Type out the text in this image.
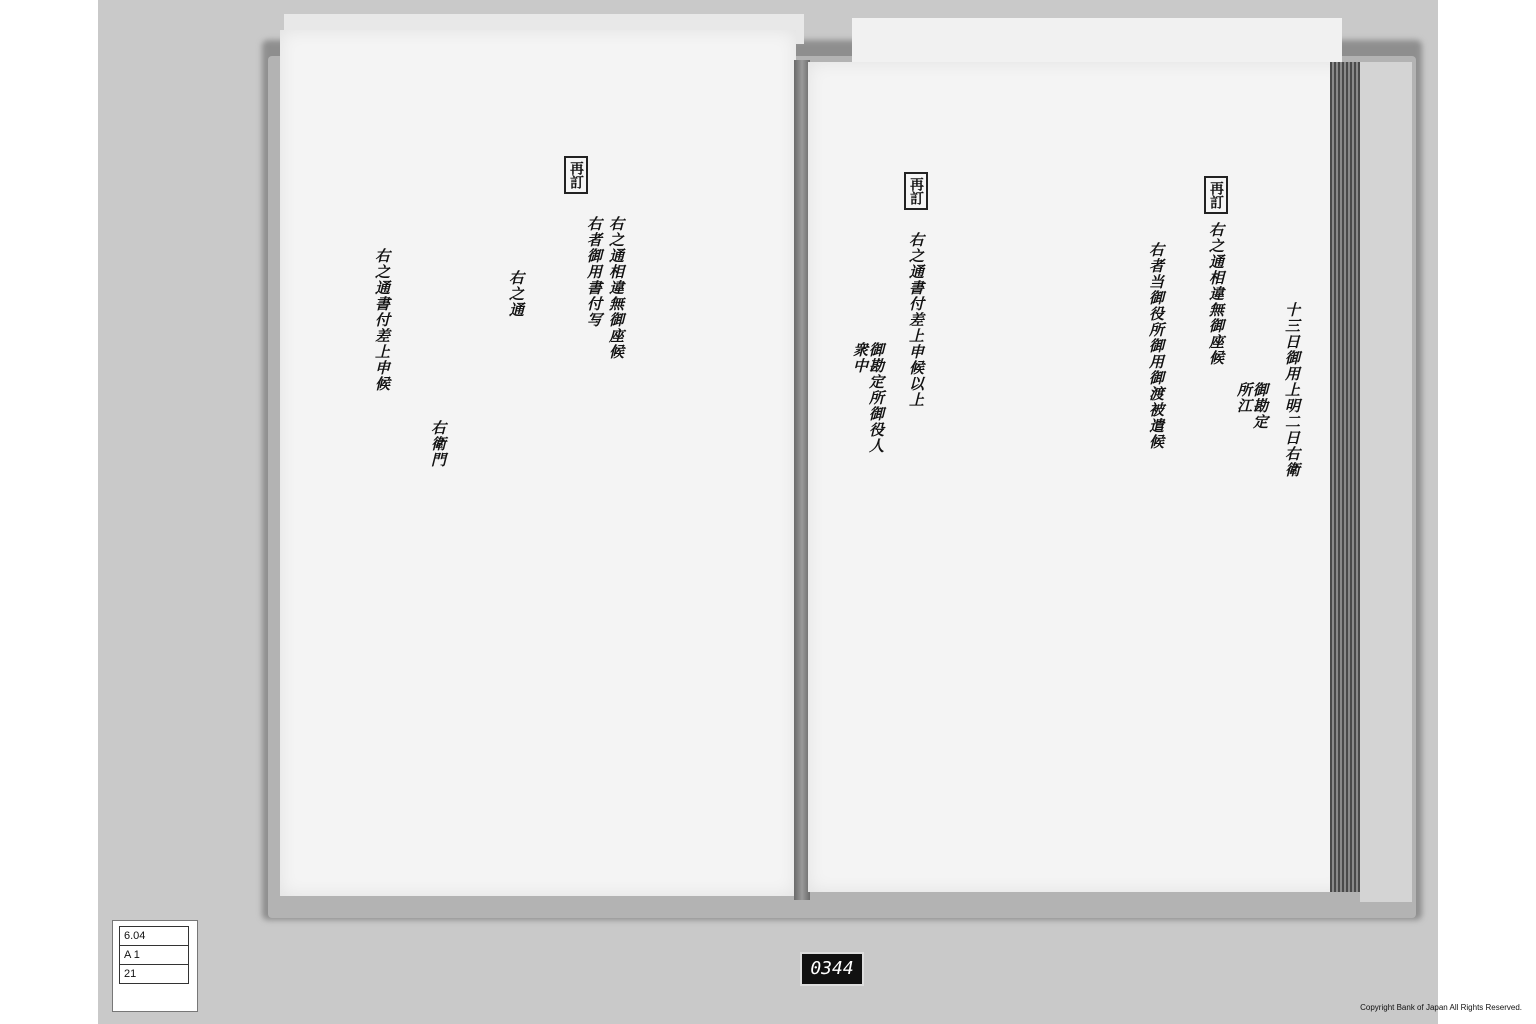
再訂
右之通相違無御座候
右者御用書付写
右之通
右衛門
右之通書付差上申候
再訂	再訂
十三日御用上明二日右衛
御勘定所江
右之通相違無御座候
右者当御役所御用御渡被遣候
右之通書付差上申候以上
御勘定所御役人衆中
6.04
A 1
21	0344
Copyright Bank of Japan All Rights Reserved.
